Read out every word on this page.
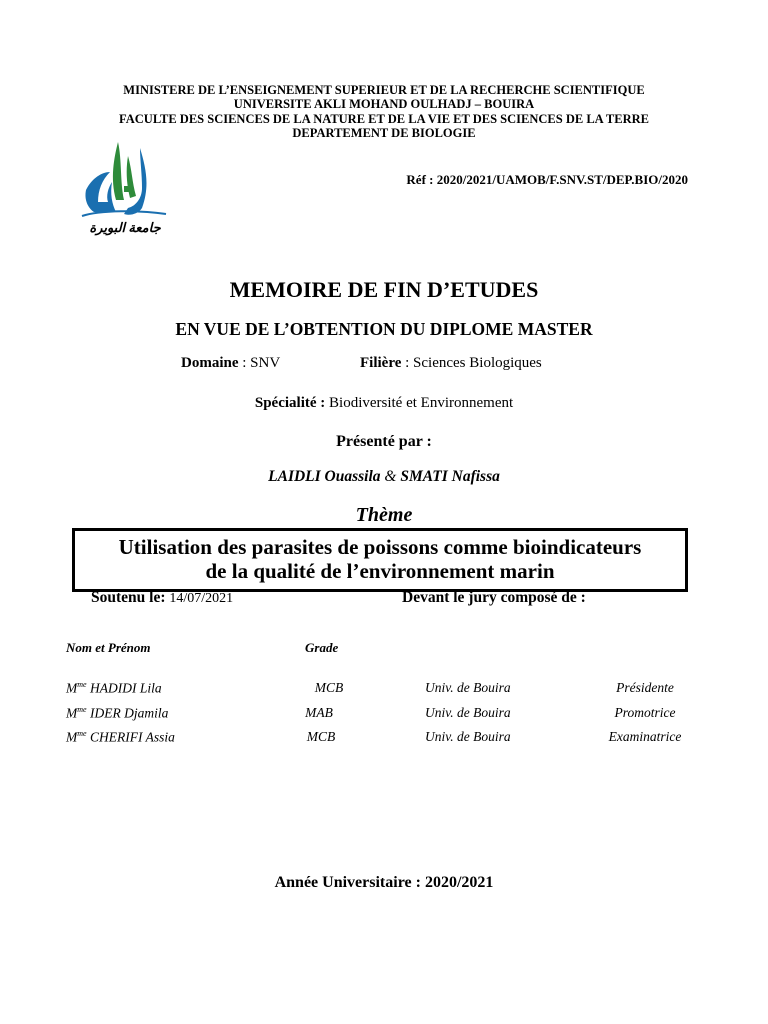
MINISTERE DE L’ENSEIGNEMENT SUPERIEUR ET DE LA RECHERCHE SCIENTIFIQUE
UNIVERSITE AKLI MOHAND OULHADJ – BOUIRA
FACULTE DES SCIENCES DE LA NATURE ET DE LA VIE ET DES SCIENCES DE LA TERRE
DEPARTEMENT DE BIOLOGIE
جامعة البويرة
Réf : 2020/2021/UAMOB/F.SNV.ST/DEP.BIO/2020
MEMOIRE DE FIN D’ETUDES
EN VUE DE L’OBTENTION DU DIPLOME MASTER
Domaine : SNV	Filière : Sciences Biologiques
Spécialité : Biodiversité et Environnement
Présenté par :
LAIDLI Ouassila & SMATI Nafissa
Thème
Utilisation des parasites de poissons comme bioindicateurs
de la qualité de l’environnement marin
Soutenu le: 14/07/2021	Devant le jury composé de :
Nom et Prénom	Grade
$M^{me}$ HADIDI Lila	MCB	Univ. de Bouira	Présidente
$M^{me}$ IDER Djamila	MAB	Univ. de Bouira	Promotrice
$M^{me}$ CHERIFI Assia	MCB	Univ. de Bouira	Examinatrice
Année Universitaire : 2020/2021
